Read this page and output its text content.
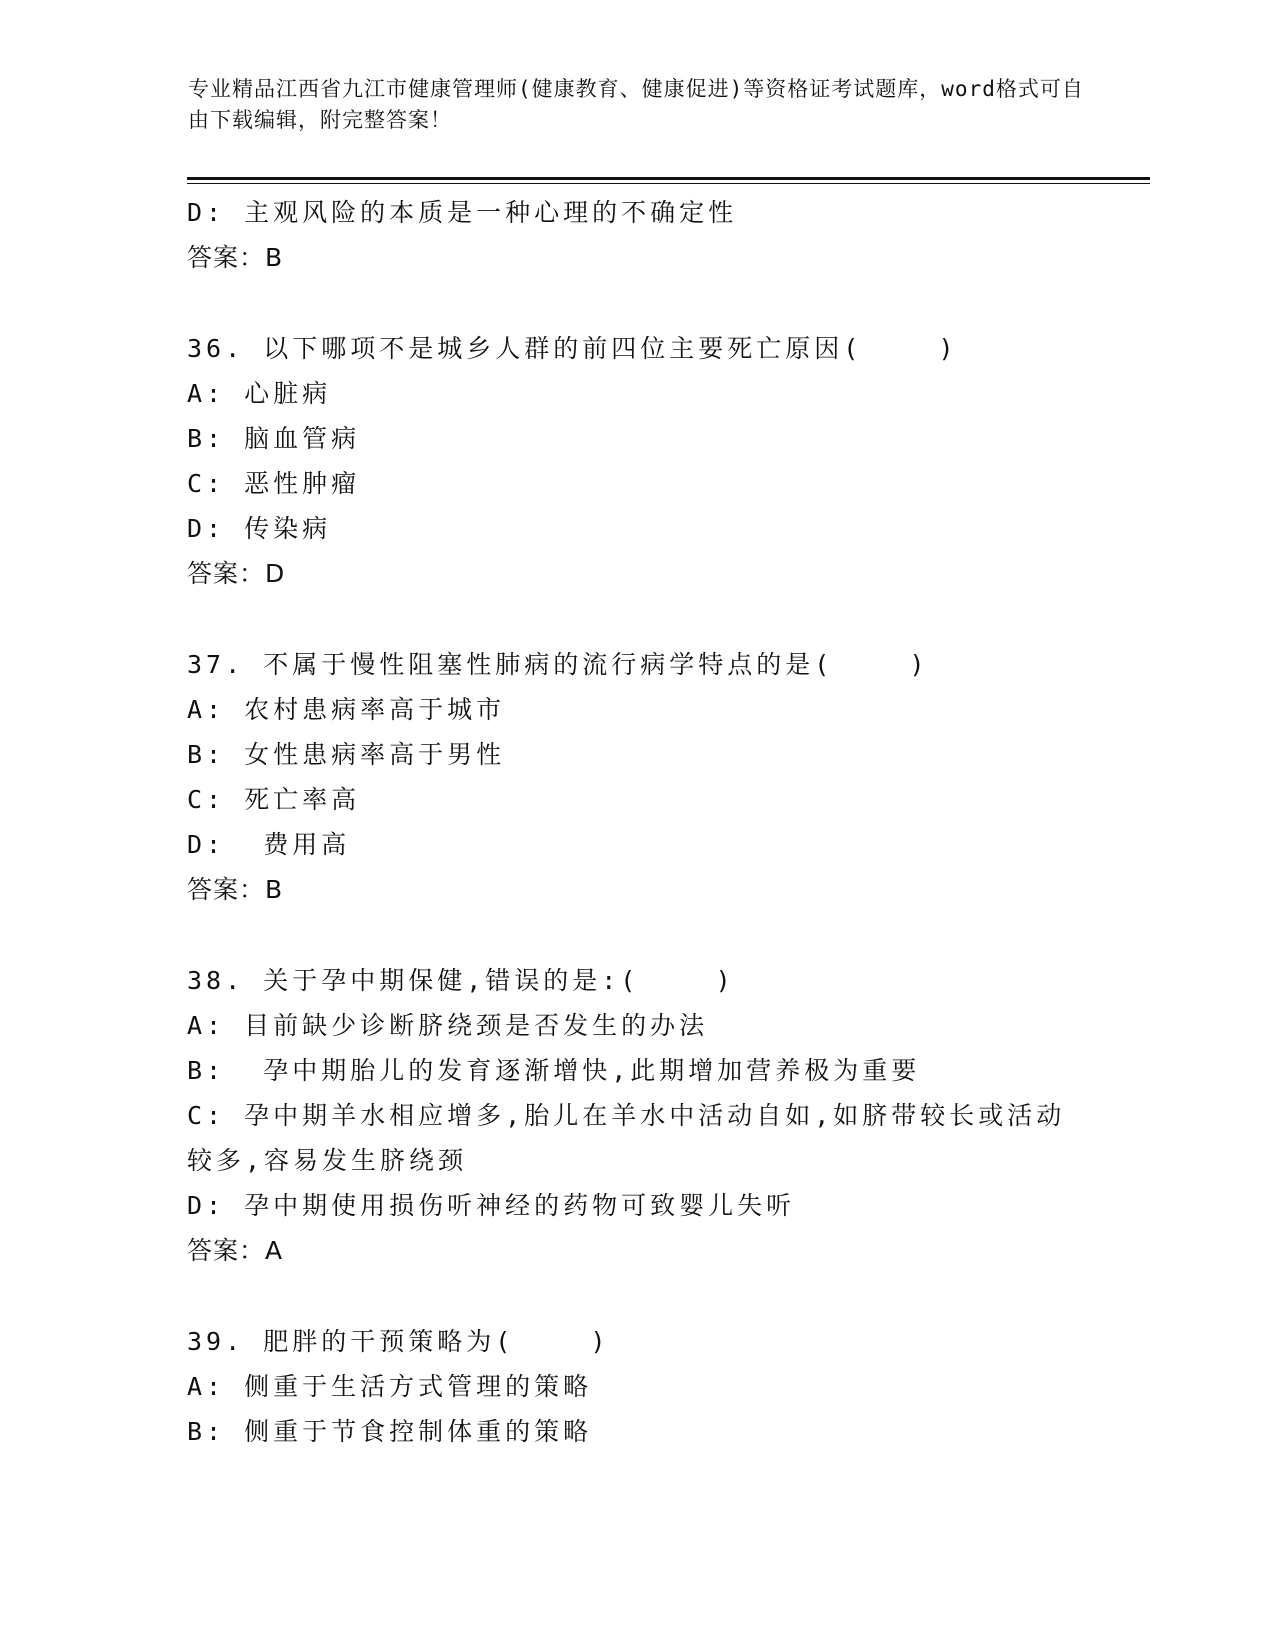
专业精品江西省九江市健康管理师(健康教育、健康促进)等资格证考试题库，word格式可自由下载编辑，附完整答案！
D: 主观风险的本质是一种心理的不确定性
答案：B
36. 以下哪项不是城乡人群的前四位主要死亡原因(    )
A: 心脏病
B: 脑血管病
C: 恶性肿瘤
D: 传染病
答案：D
37. 不属于慢性阻塞性肺病的流行病学特点的是(    )
A: 农村患病率高于城市
B: 女性患病率高于男性
C: 死亡率高
D:  费用高
答案：B
38. 关于孕中期保健,错误的是:(    )
A: 目前缺少诊断脐绕颈是否发生的办法
B:  孕中期胎儿的发育逐渐增快,此期增加营养极为重要
C: 孕中期羊水相应增多,胎儿在羊水中活动自如,如脐带较长或活动较多,容易发生脐绕颈
D: 孕中期使用损伤听神经的药物可致婴儿失听
答案：A
39. 肥胖的干预策略为(    )
A: 侧重于生活方式管理的策略
B: 侧重于节食控制体重的策略
